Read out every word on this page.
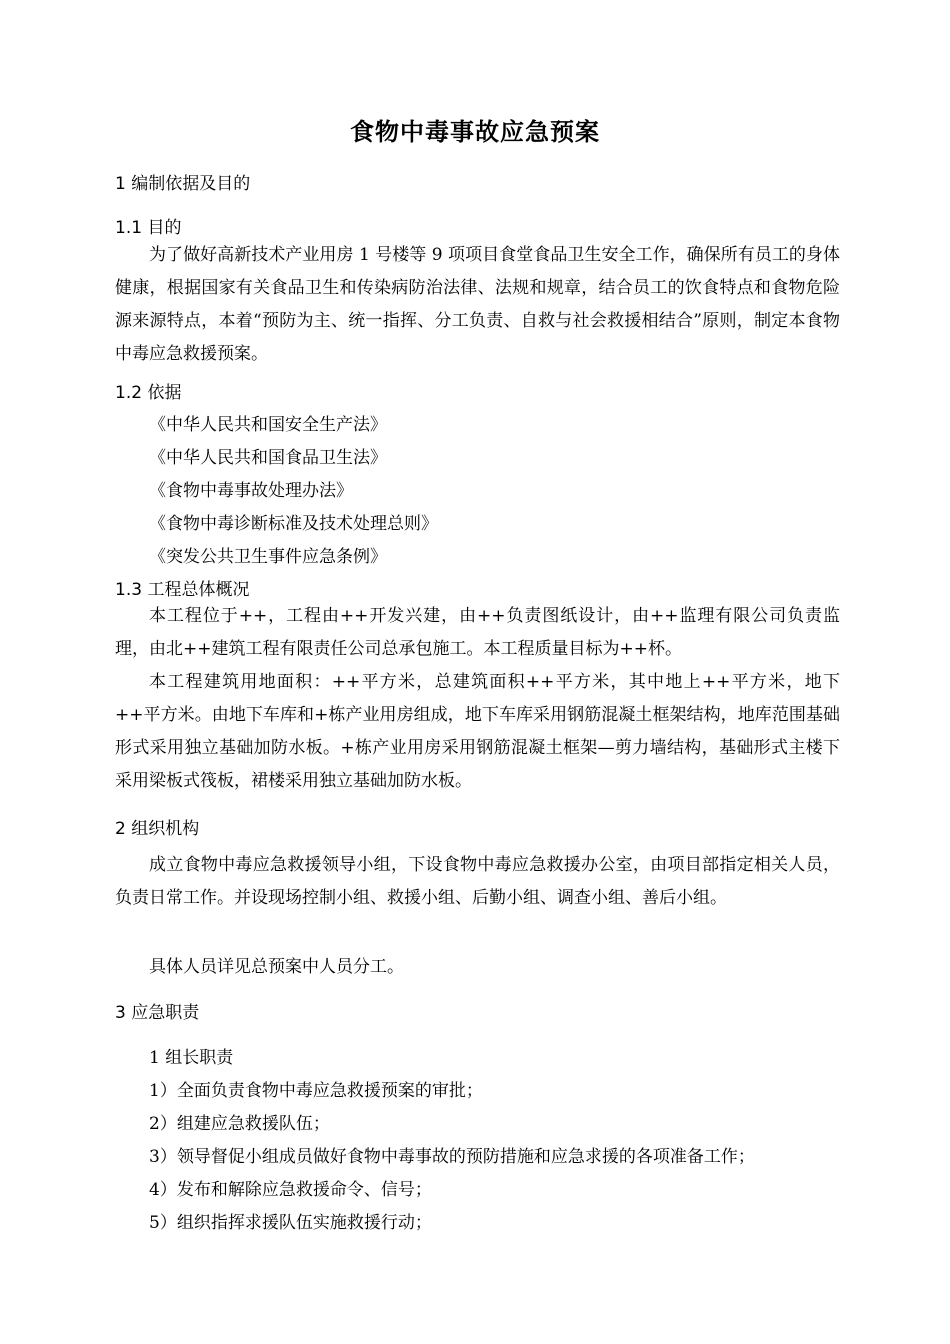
食物中毒事故应急预案
1 编制依据及目的
1.1 目的
为了做好高新技术产业用房 1 号楼等 9 项项目食堂食品卫生安全工作，确保所有员工的身体健康，根据国家有关食品卫生和传染病防治法律、法规和规章，结合员工的饮食特点和食物危险源来源特点，本着“预防为主、统一指挥、分工负责、自救与社会救援相结合”原则，制定本食物中毒应急救援预案。
1.2 依据
《中华人民共和国安全生产法》
《中华人民共和国食品卫生法》
《食物中毒事故处理办法》
《食物中毒诊断标准及技术处理总则》
《突发公共卫生事件应急条例》
1.3 工程总体概况
本工程位于++，工程由++开发兴建，由++负责图纸设计，由++监理有限公司负责监理，由北++建筑工程有限责任公司总承包施工。本工程质量目标为++杯。
本工程建筑用地面积：++平方米，总建筑面积++平方米，其中地上++平方米，地下++平方米。由地下车库和+栋产业用房组成，地下车库采用钢筋混凝土框架结构，地库范围基础形式采用独立基础加防水板。+栋产业用房采用钢筋混凝土框架—剪力墙结构，基础形式主楼下采用梁板式筏板，裙楼采用独立基础加防水板。
2 组织机构
成立食物中毒应急救援领导小组，下设食物中毒应急救援办公室，由项目部指定相关人员，负责日常工作。并设现场控制小组、救援小组、后勤小组、调查小组、善后小组。
具体人员详见总预案中人员分工。
3 应急职责
1 组长职责
1）全面负责食物中毒应急救援预案的审批；
2）组建应急救援队伍；
3）领导督促小组成员做好食物中毒事故的预防措施和应急求援的各项准备工作；
4）发布和解除应急救援命令、信号；
5）组织指挥求援队伍实施救援行动；
